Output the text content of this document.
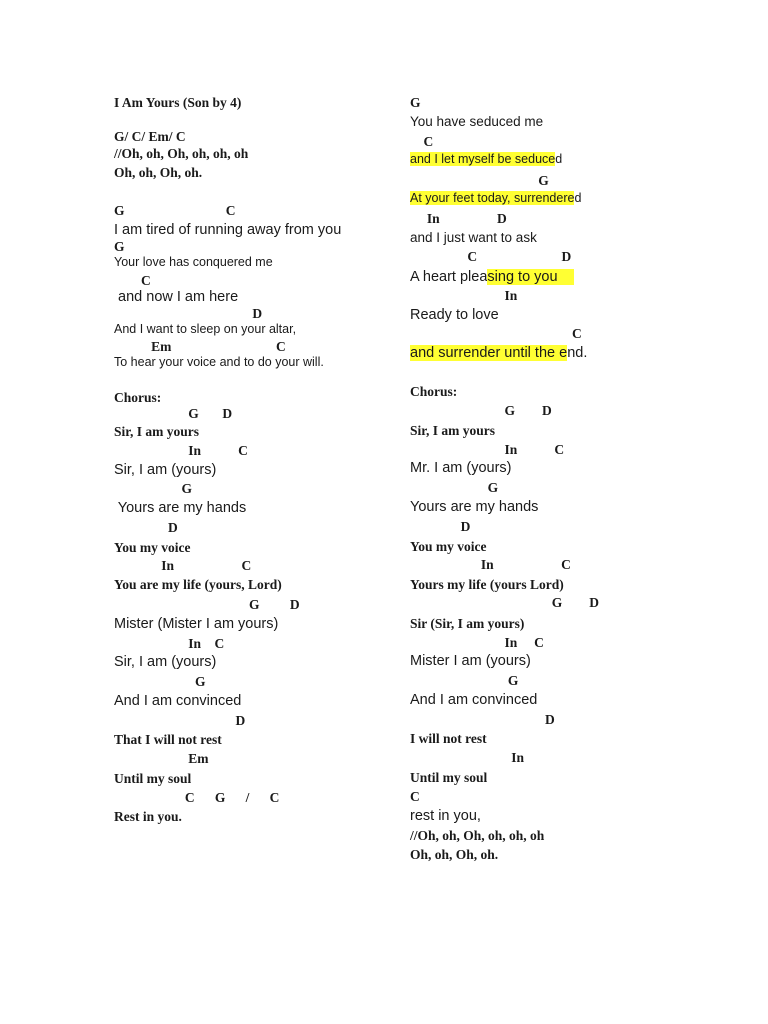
I Am Yours (Son by 4)
G/ C/ Em/ C
//Oh, oh, Oh, oh, oh, oh
Oh, oh, Oh, oh.
G                              C
I am tired of running away from you
G
Your love has conquered me
C
and now I am here
D
And I want to sleep on your altar,
Em                               C
To hear your voice and to do your will.
Chorus:
G       D
Sir, I am yours
In           C
Sir, I am (yours)
G
Yours are my hands
D
You my voice
In                    C
You are my life (yours, Lord)
G         D
Mister (Mister I am yours)
In    C
Sir, I am (yours)
G
And I am convinced
D
That I will not rest
Em
Until my soul
C      G      /      C
Rest in you.
G
You have seduced me
C
and I let myself be seduced
G
At your feet today, surrendered
In                 D
and I just want to ask
C                         D
A heart pleasing to you
In
Ready to love
C
and surrender until the end.
Chorus:
G        D
Sir, I am yours
In           C
Mr. I am (yours)
G
Yours are my hands
D
You my voice
In                    C
Yours my life (yours Lord)
G        D
Sir (Sir, I am yours)
In     C
Mister I am (yours)
G
And I am convinced
D
I will not rest
In
Until my soul
C
rest in you,
//Oh, oh, Oh, oh, oh, oh
Oh, oh, Oh, oh.
